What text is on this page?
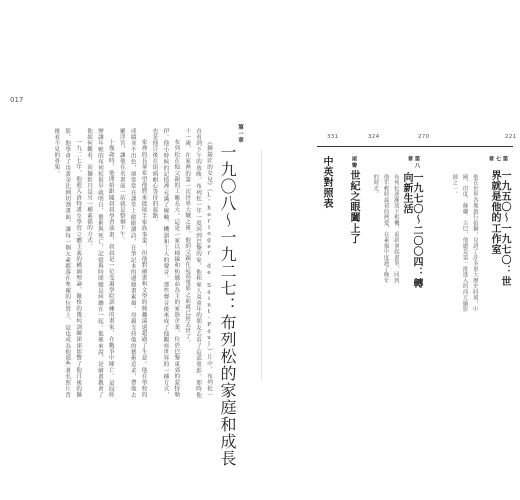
017
第一章
一九〇八～一九二七：布列松的家庭和成長

《鐘錶匠的女兒》（L'horloger de Saint-Paul）片中，布列松一直看到下午的放映。布列松一年一度回到巴黎的家，他和家人及童年的朋友去看了這部電影。那時他十一歲，在家裡的第一次世界大戰之後，他的父親在這部電影之前就已經去世了。

布列松在他父親的工廠長大，這是一家以棉線和紡織品為主的家族企業，位於巴黎東郊的蒙特勒伊。他小時候的記憶裡充滿了線軸、機器和工人的聲音。那些聲音後來成了他觀察世界的一種方式，也是他日後在街頭耐心等待的起點。

家裡的長輩希望他將來能接手家族事業，但他對繪畫和文學的興趣遠遠超過了生意。他在學校的成績並不出色，卻常常在課堂上偷偷讀詩，在筆記本的邊緣畫素描。母親支持他的藝術追求，帶他去羅浮宮，讓他在名畫前一站就是整個下午。

十幾歲時，他開始跟隨叔叔學習油畫，叔叔是一位受過學院訓練的畫家，在戰爭中陣亡。這段經歷讓年輕的布列松很早就明白，藝術與死亡、記憶與時間總是糾纏在一起。他後來說，是繪畫教會了他如何觀看，而攝影只是另一種素描的方式。

一九二七年，他進入洛特畫室學習立體主義的構圖理論，嚴格的幾何訓練深深影響了他日後的攝影。他學會了用黃金比例切割畫面，讓每一個元素都落在準確的位置上，這也成為他那些著名照片背後看不見的骨架。	221
270
324
331
第七章
一九五〇～一九七〇：世界就是他的工作室
他在世界各地旅行拍攝，見證了許多重大歷史時刻，中國、印度、蘇聯、古巴，他總是第一批進入的西方攝影師之一。
第八章
一九七〇～二〇〇四：轉向新生活
布列松逐漸放下相機，重新拿起畫筆，回到他年輕時最初的熱愛，在素描中度過了晚年的時光。
尾聲
世紀之眼闔上了
中英對照表
